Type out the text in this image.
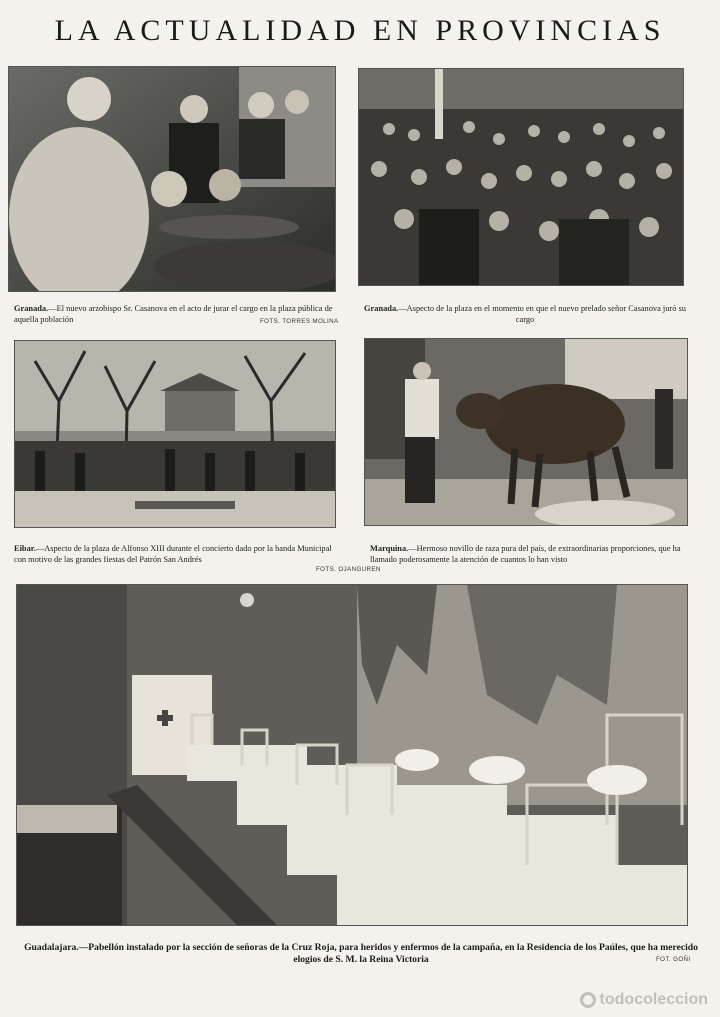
LA ACTUALIDAD EN PROVINCIAS
Granada.—El nuevo arzobispo Sr. Casanova en el acto de jurar el cargo en la plaza pública de aquella población	FOTS. TORRES MOLINA
Granada.—Aspecto de la plaza en el momento en que el nuevo prelado señor Casanova juró su cargo
Eibar.—Aspecto de la plaza de Alfonso XIII durante el concierto dado por la banda Municipal con motivo de las grandes fiestas del Patrón San Andrés
FOTS. OJANGUREN
Marquina.—Hermoso novillo de raza pura del país, de extraordinarias proporciones, que ha llamado poderosamente la atención de cuantos lo han visto
Guadalajara.—Pabellón instalado por la sección de señoras de la Cruz Roja, para heridos y enfermos de la campaña, en la Residencia de los Paúles, que ha merecido elogios de S. M. la Reina Victoria	FOT. GOÑI
todocoleccion
